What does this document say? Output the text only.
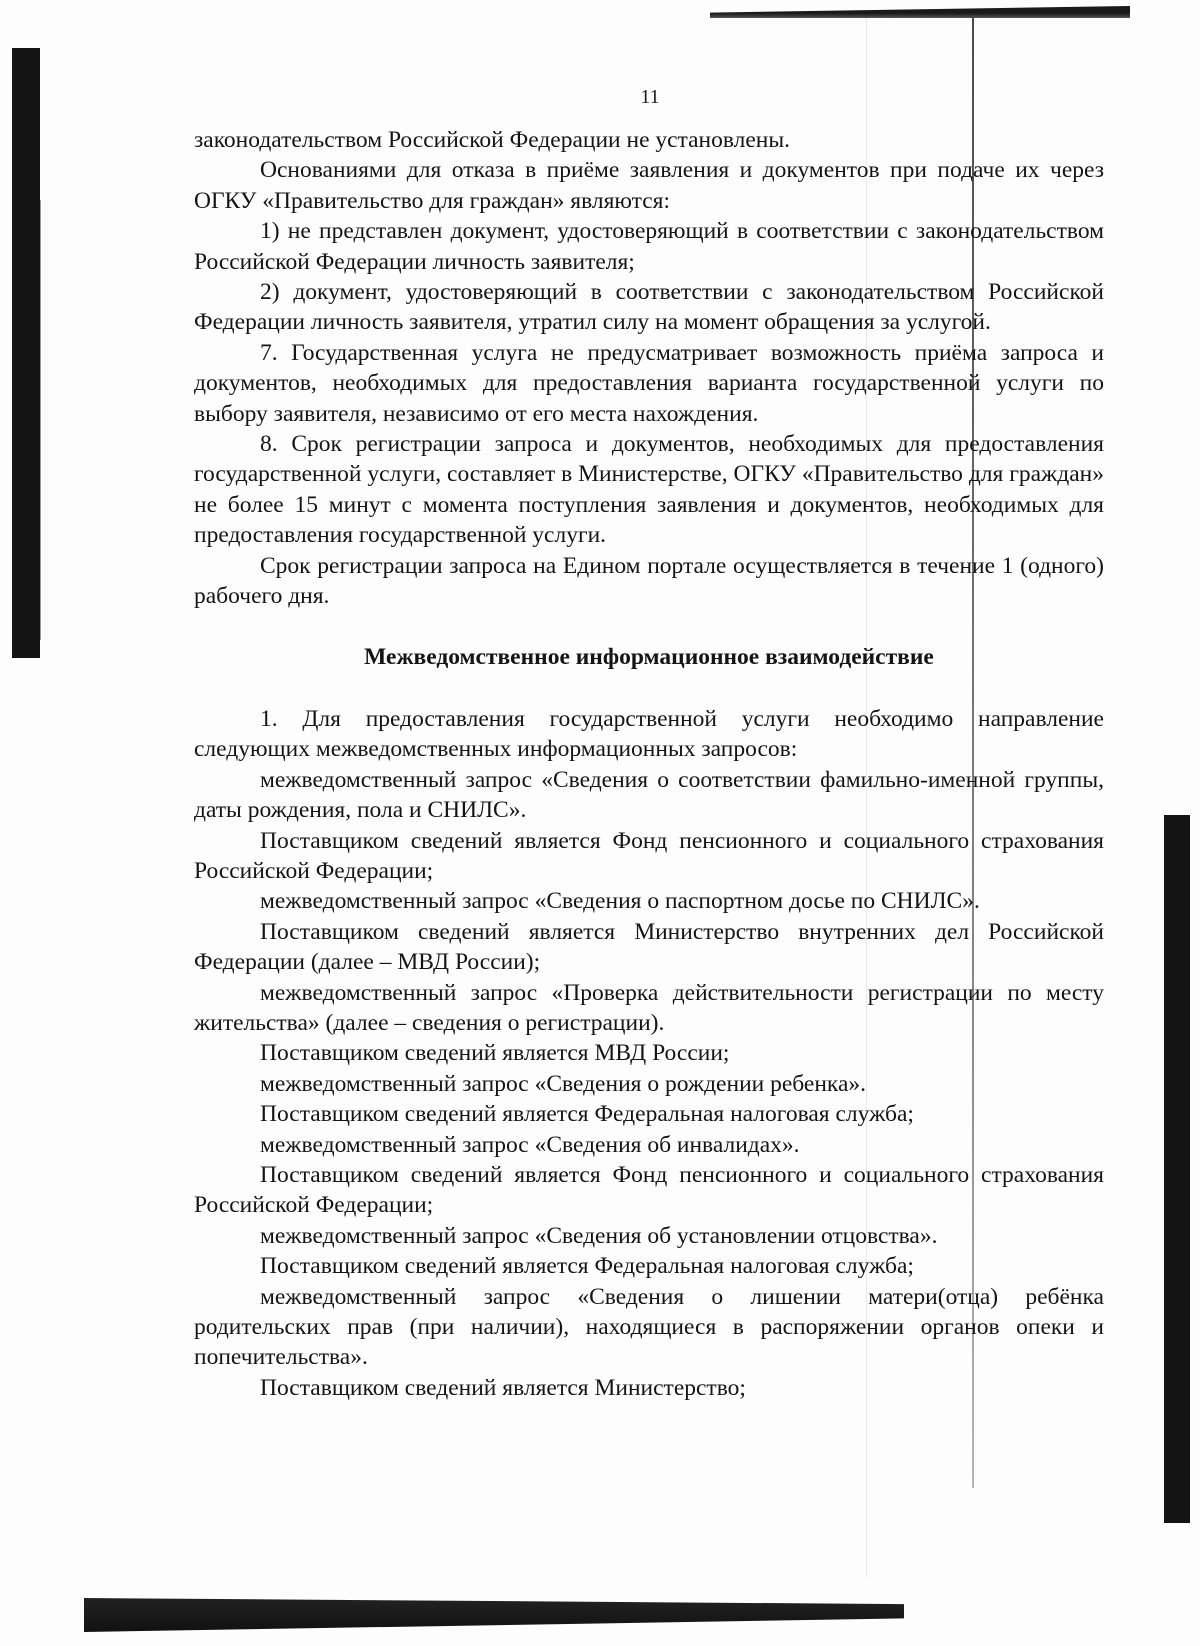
11

законодательством Российской Федерации не установлены.

Основаниями для отказа в приёме заявления и документов при подаче их через ОГКУ «Правительство для граждан» являются:

1) не представлен документ, удостоверяющий в соответствии с законодательством Российской Федерации личность заявителя;

2) документ, удостоверяющий в соответствии с законодательством Российской Федерации личность заявителя, утратил силу на момент обращения за услугой.

7. Государственная услуга не предусматривает возможность приёма запроса и документов, необходимых для предоставления варианта государственной услуги по выбору заявителя, независимо от его места нахождения.

8. Срок регистрации запроса и документов, необходимых для предоставления государственной услуги, составляет в Министерстве, ОГКУ «Правительство для граждан» не более 15 минут с момента поступления заявления и документов, необходимых для предоставления государственной услуги.

Срок регистрации запроса на Едином портале осуществляется в течение 1 (одного) рабочего дня.

Межведомственное информационное взаимодействие

1. Для предоставления государственной услуги необходимо направление следующих межведомственных информационных запросов:

межведомственный запрос «Сведения о соответствии фамильно-именной группы, даты рождения, пола и СНИЛС».

Поставщиком сведений является Фонд пенсионного и социального страхования Российской Федерации;

межведомственный запрос «Сведения о паспортном досье по СНИЛС».

Поставщиком сведений является Министерство внутренних дел Российской Федерации (далее – МВД России);

межведомственный запрос «Проверка действительности регистрации по месту жительства» (далее – сведения о регистрации).

Поставщиком сведений является МВД России;

межведомственный запрос «Сведения о рождении ребенка».

Поставщиком сведений является Федеральная налоговая служба;

межведомственный запрос «Сведения об инвалидах».

Поставщиком сведений является Фонд пенсионного и социального страхования Российской Федерации;

межведомственный запрос «Сведения об установлении отцовства».

Поставщиком сведений является Федеральная налоговая служба;

межведомственный запрос «Сведения о лишении матери(отца) ребёнка родительских прав (при наличии), находящиеся в распоряжении органов опеки и попечительства».

Поставщиком сведений является Министерство;
